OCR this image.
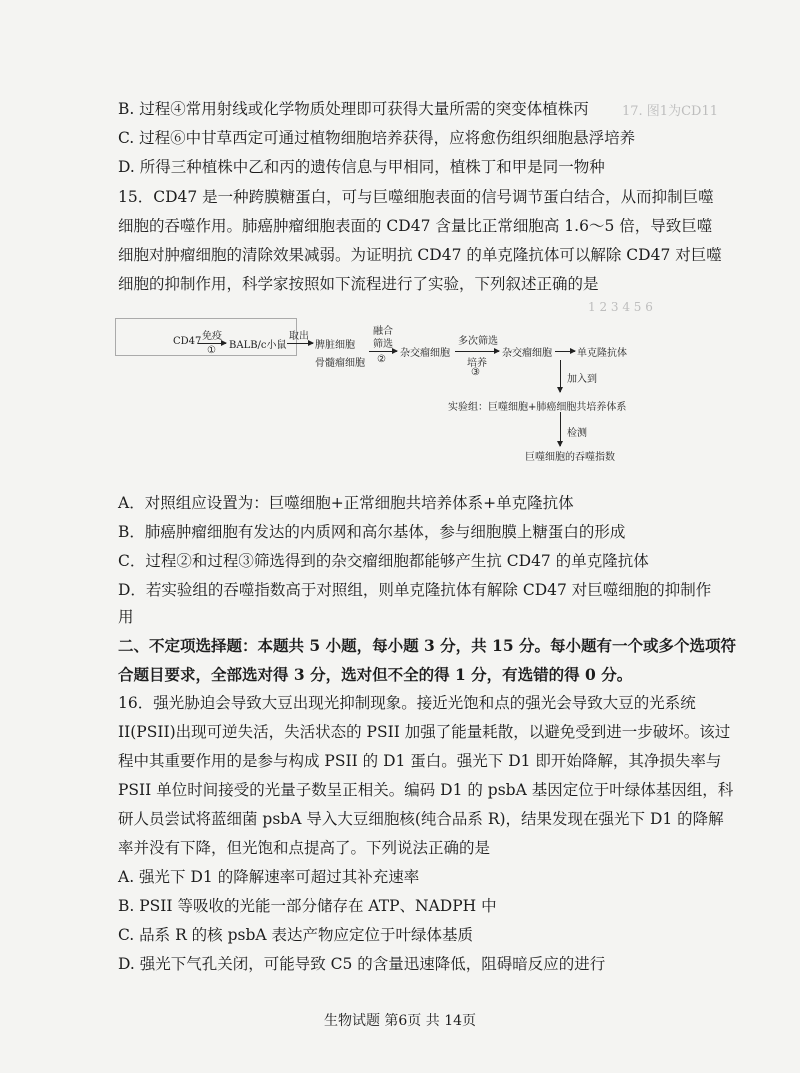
17. 图1为CD11
1 2 3 4 5 6
B. 过程④常用射线或化学物质处理即可获得大量所需的突变体植株丙
C. 过程⑥中甘草西定可通过植物细胞培养获得，应将愈伤组织细胞悬浮培养
D. 所得三种植株中乙和丙的遗传信息与甲相同，植株丁和甲是同一物种
15．CD47 是一种跨膜糖蛋白，可与巨噬细胞表面的信号调节蛋白结合，从而抑制巨噬
细胞的吞噬作用。肺癌肿瘤细胞表面的 CD47 含量比正常细胞高 1.6～5 倍，导致巨噬
细胞对肿瘤细胞的清除效果减弱。为证明抗 CD47 的单克隆抗体可以解除 CD47 对巨噬
细胞的抑制作用，科学家按照如下流程进行了实验，下列叙述正确的是
CD47 免疫
① BALB/c小鼠
取出
脾脏细胞
骨髓瘤细胞
融合
筛选
②
杂交瘤细胞
多次筛选
培养
③
杂交瘤细胞	单克隆抗体
加入到
实验组：巨噬细胞+肺癌细胞共培养体系
检测
巨噬细胞的吞噬指数
A．对照组应设置为：巨噬细胞+正常细胞共培养体系+单克隆抗体
B．肺癌肿瘤细胞有发达的内质网和高尔基体，参与细胞膜上糖蛋白的形成
C．过程②和过程③筛选得到的杂交瘤细胞都能够产生抗 CD47 的单克隆抗体
D．若实验组的吞噬指数高于对照组，则单克隆抗体有解除 CD47 对巨噬细胞的抑制作
用
二、不定项选择题：本题共 5 小题，每小题 3 分，共 15 分。每小题有一个或多个选项符
合题目要求，全部选对得 3 分，选对但不全的得 1 分，有选错的得 0 分。
16．强光胁迫会导致大豆出现光抑制现象。接近光饱和点的强光会导致大豆的光系统
II(PSII)出现可逆失活，失活状态的 PSII 加强了能量耗散，以避免受到进一步破坏。该过
程中其重要作用的是参与构成 PSII 的 D1 蛋白。强光下 D1 即开始降解，其净损失率与
PSII 单位时间接受的光量子数呈正相关。编码 D1 的 psbA 基因定位于叶绿体基因组，科
研人员尝试将蓝细菌 psbA 导入大豆细胞核(纯合品系 R)，结果发现在强光下 D1 的降解
率并没有下降，但光饱和点提高了。下列说法正确的是
A. 强光下 D1 的降解速率可超过其补充速率
B. PSII 等吸收的光能一部分储存在 ATP、NADPH 中
C. 品系 R 的核 psbA 表达产物应定位于叶绿体基质
D. 强光下气孔关闭，可能导致 C5 的含量迅速降低，阻碍暗反应的进行
生物试题 第6页 共 14页
